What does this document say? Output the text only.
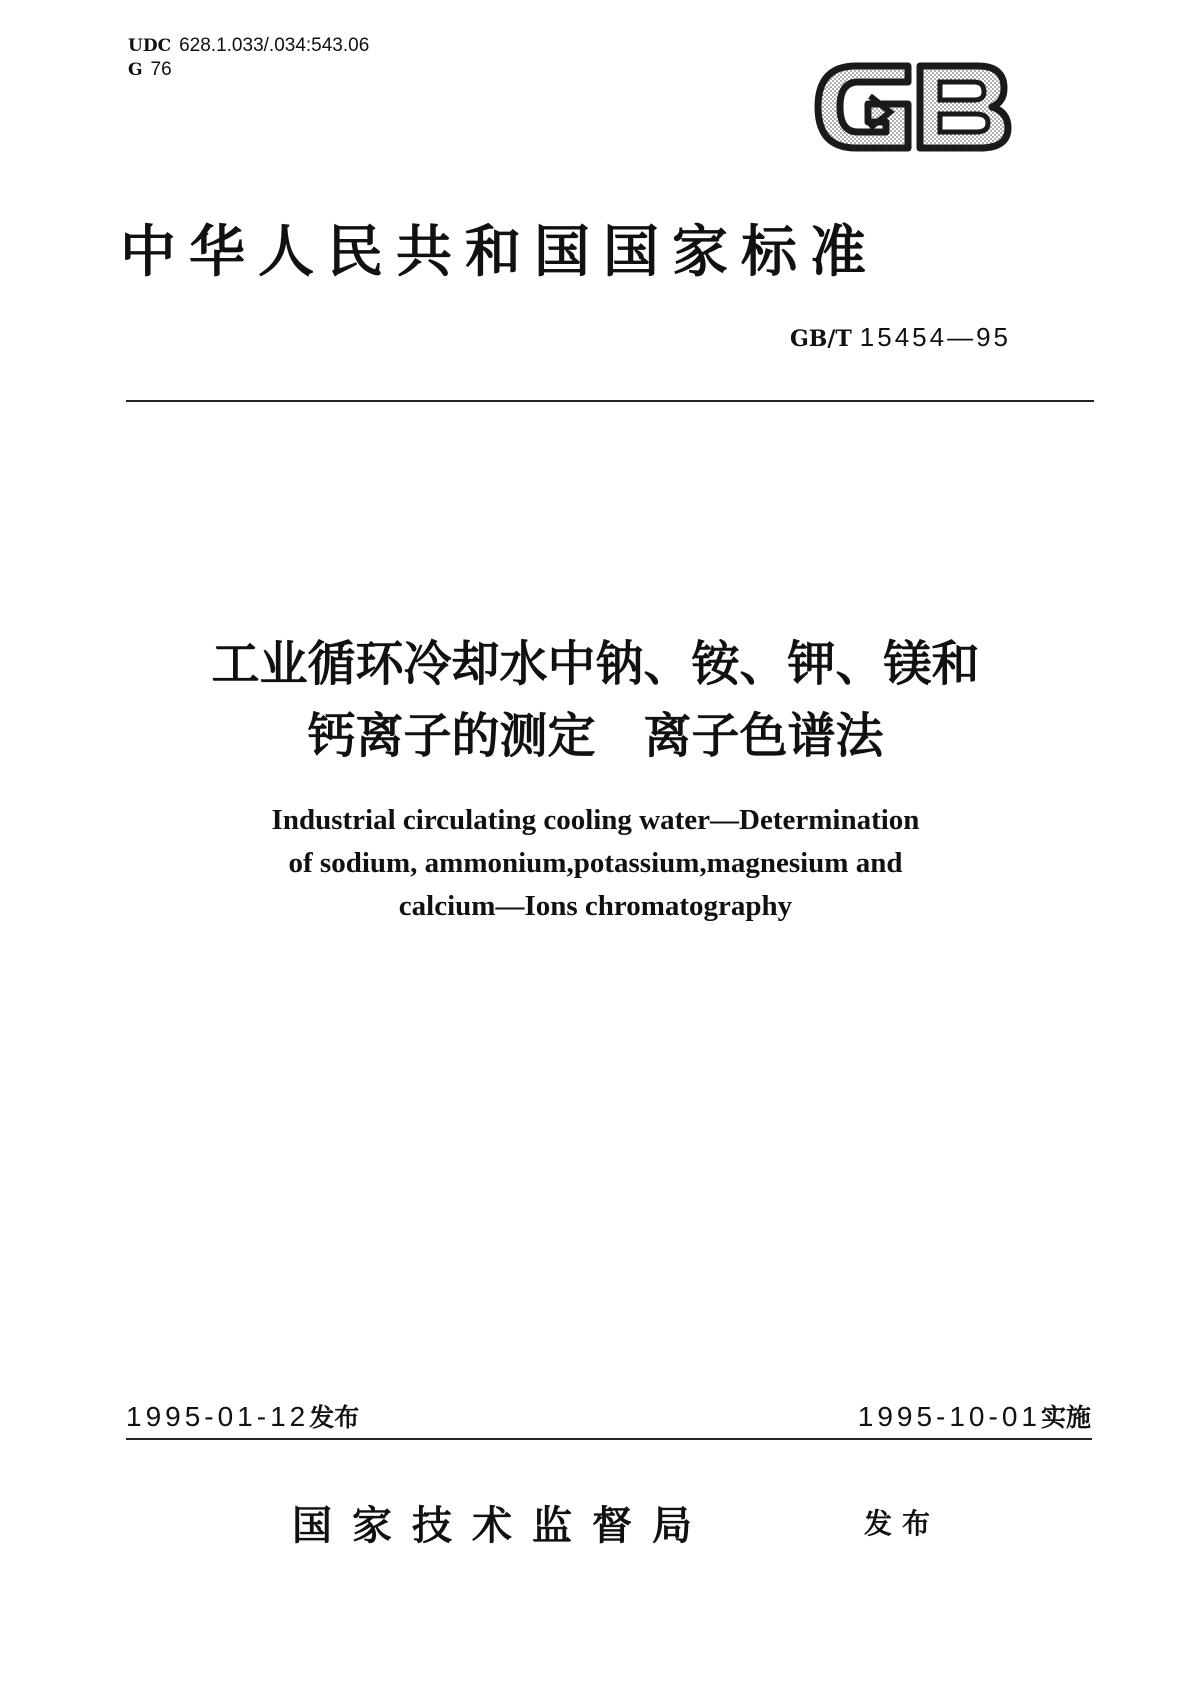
UDC 628.1.033/.034:543.06
G 76
中华人民共和国国家标准
GB/T 15454—95
工业循环冷却水中钠、铵、钾、镁和
钙离子的测定　离子色谱法
Industrial circulating cooling water—Determination
of sodium, ammonium,potassium,magnesium and
calcium—Ions chromatography
1995-01-12发布	1995-10-01实施
国家技术监督局	发布
